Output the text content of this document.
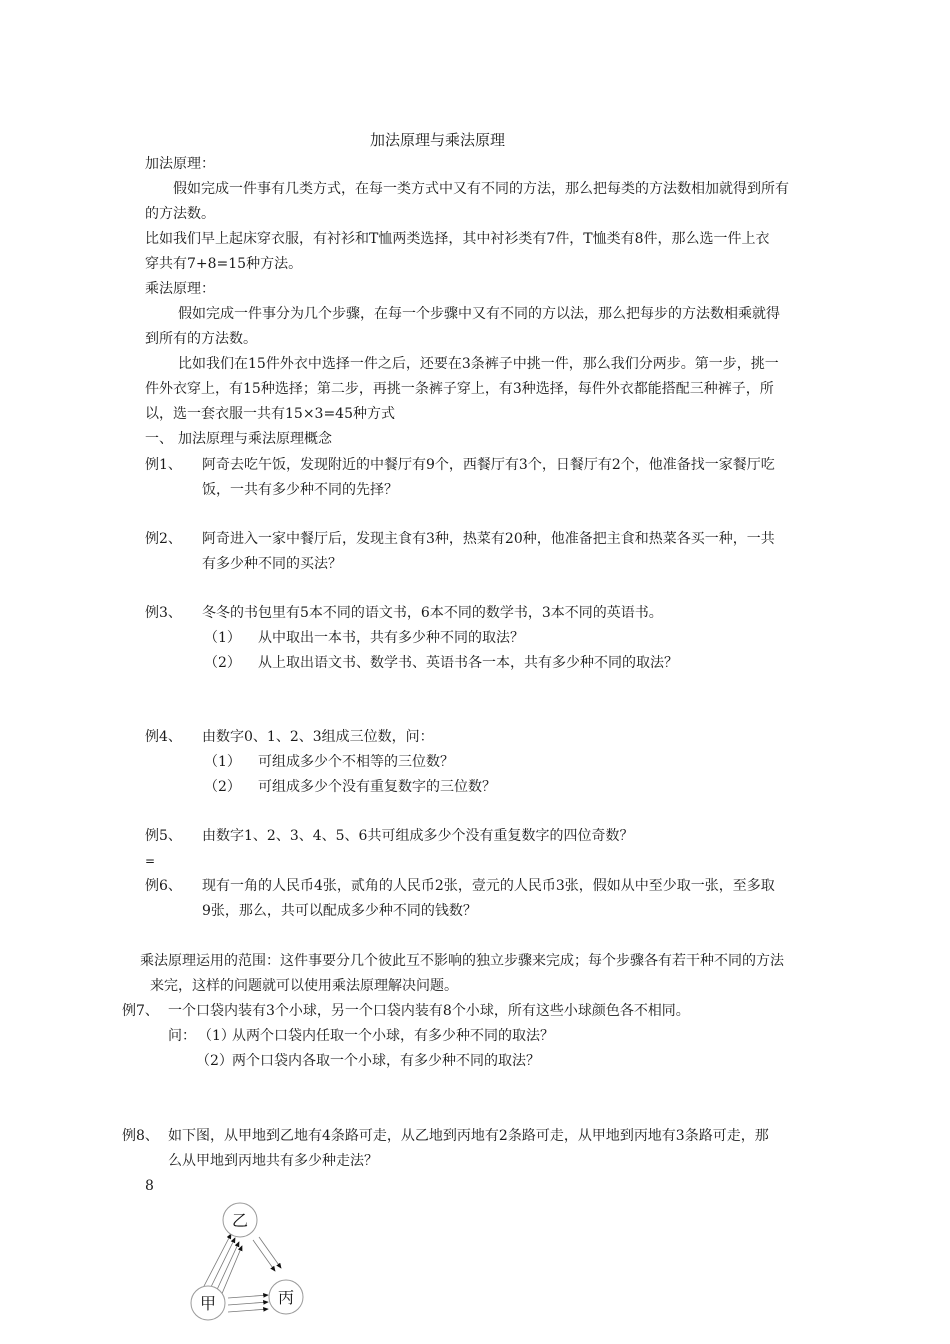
加法原理与乘法原理
加法原理：
假如完成一件事有几类方式，在每一类方式中又有不同的方法，那么把每类的方法数相加就得到所有
的方法数。
比如我们早上起床穿衣服，有衬衫和T恤两类选择，其中衬衫类有7件，T恤类有8件，那么选一件上衣
穿共有7+8=15种方法。
乘法原理：
假如完成一件事分为几个步骤，在每一个步骤中又有不同的方以法，那么把每步的方法数相乘就得
到所有的方法数。
比如我们在15件外衣中选择一件之后，还要在3条裤子中挑一件，那么我们分两步。第一步，挑一
件外衣穿上，有15种选择；第二步，再挑一条裤子穿上，有3种选择，每件外衣都能搭配三种裤子，所
以，选一套衣服一共有15×3=45种方式
一、 加法原理与乘法原理概念
例1、 阿奇去吃午饭，发现附近的中餐厅有9个，西餐厅有3个，日餐厅有2个，他准备找一家餐厅吃
饭，一共有多少种不同的先择？
例2、 阿奇进入一家中餐厅后，发现主食有3种，热菜有20种，他准备把主食和热菜各买一种，一共
有多少种不同的买法？
例3、 冬冬的书包里有5本不同的语文书，6本不同的数学书，3本不同的英语书。
（1） 从中取出一本书，共有多少种不同的取法？
（2） 从上取出语文书、数学书、英语书各一本，共有多少种不同的取法？
例4、 由数字0、1、2、3组成三位数，问：
（1） 可组成多少个不相等的三位数？
（2） 可组成多少个没有重复数字的三位数？
例5、 由数字1、2、3、4、5、6共可组成多少个没有重复数字的四位奇数？
=
例6、 现有一角的人民币4张，贰角的人民币2张，壹元的人民币3张，假如从中至少取一张，至多取
9张，那么，共可以配成多少种不同的钱数？
乘法原理运用的范围：这件事要分几个彼此互不影响的独立步骤来完成；每个步骤各有若干种不同的方法
来完，这样的问题就可以使用乘法原理解决问题。
例7、 一个口袋内装有3个小球，另一个口袋内装有8个小球，所有这些小球颜色各不相同。
问： （1）
从两个口袋内任取一个小球，有多少种不同的取法？
（2） 两个口袋内各取一个小球，有多少种不同的取法？
例8、 如下图，从甲地到乙地有4条路可走，从乙地到丙地有2条路可走，从甲地到丙地有3条路可走，那
么从甲地到丙地共有多少种走法？
8
乙
甲	丙
